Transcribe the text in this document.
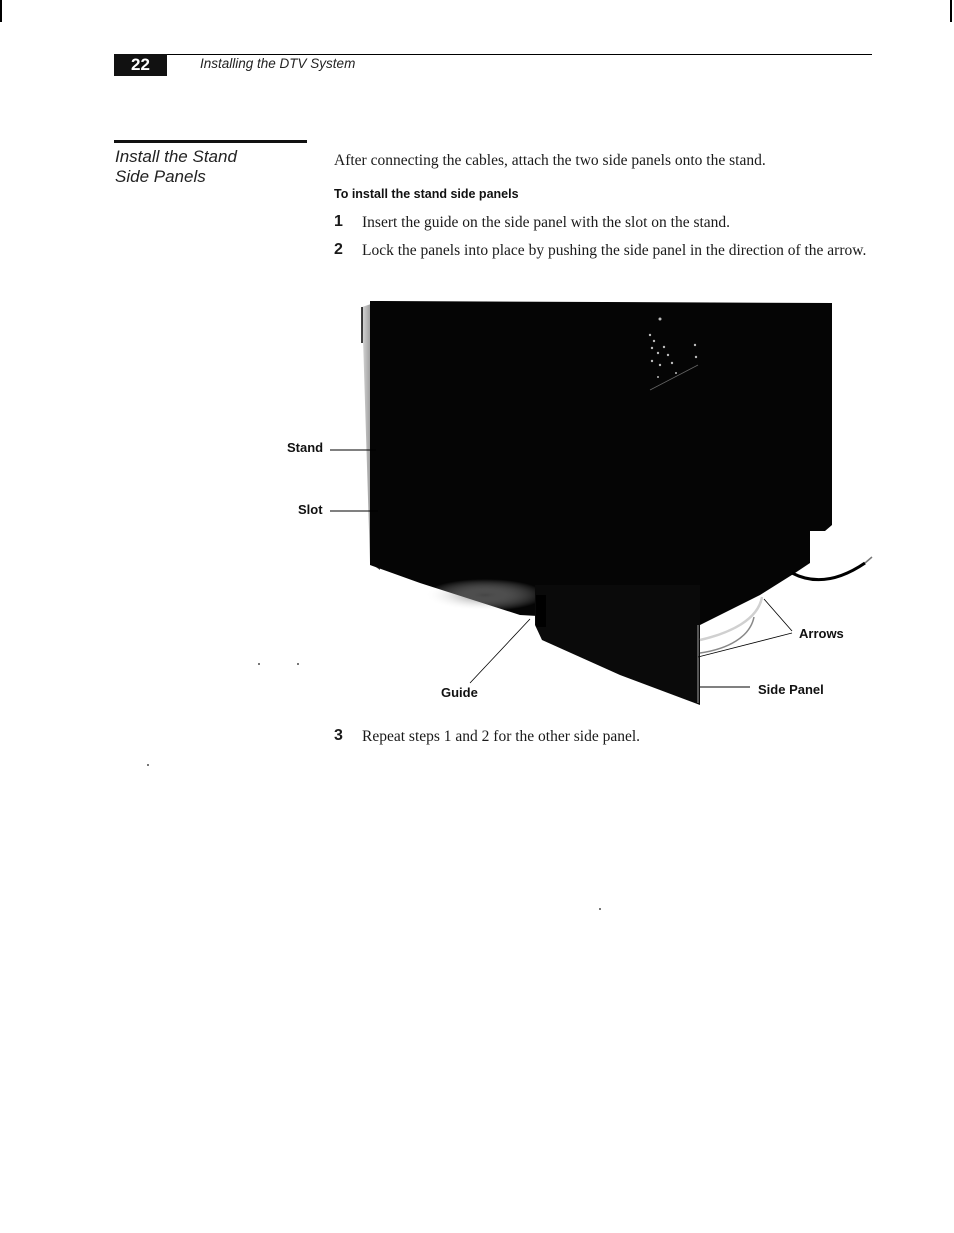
22	Installing the DTV System
Install the Stand
Side Panels
After connecting the cables, attach the two side panels onto the stand.
To install the stand side panels
1 Insert the guide on the side panel with the slot on the stand.
2 Lock the panels into place by pushing the side panel in the direction of the arrow.
Stand
Slot
Arrows
Guide	Side Panel
3 Repeat steps 1 and 2 for the other side panel.
